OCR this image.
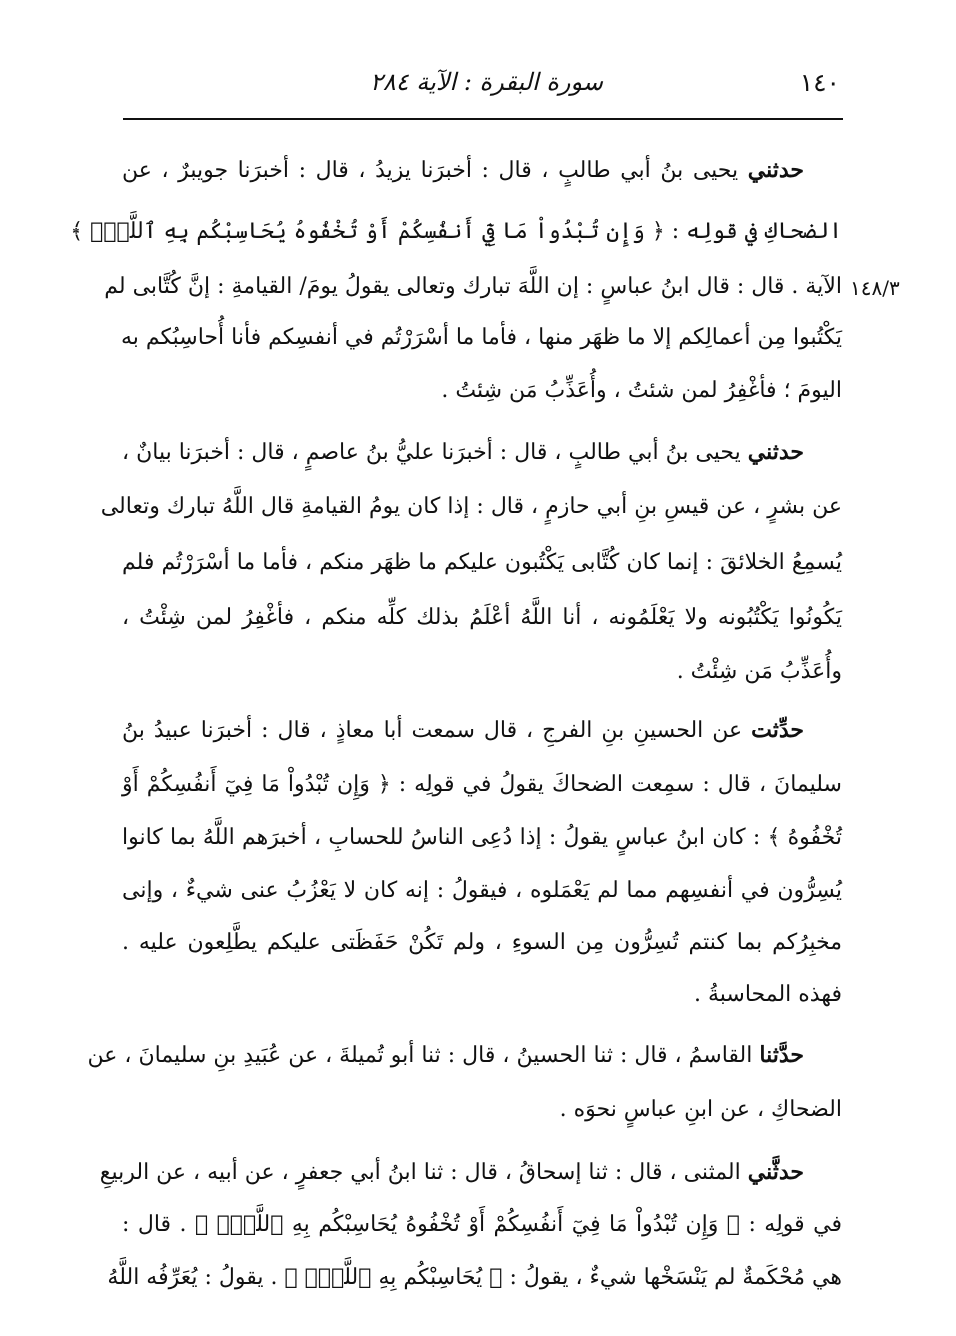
١٤٠
سورة البقرة : الآية ٢٨٤
١٤٨/٣
حدثني يحيى بنُ أبي طالبٍ ، قال : أخبرَنا يزيدُ ، قال : أخبرَنا جويبرٌ ، عن
الضحاكِ في قولِه : ﴿ وَإِن تُبْدُواْ مَا فِيٓ أَنفُسِكُمْ أَوْ تُخْفُوهُ يُحَاسِبْكُم بِهِ ٱللَّهُۖ ﴾
الآية . قال : قال ابنُ عباسٍ : إن اللَّهَ تبارك وتعالى يقولُ يومَ/ القيامةِ : إنَّ كُتَّابى لم
يَكْتُبوا مِن أعمالِكم إلا ما ظهَر منها ، فأما ما أسْرَرْتُم في أنفسِكم فأنا أُحاسِبُكم به
اليومَ ؛ فأغْفِرُ لمن شئتُ ، وأُعَذِّبُ مَن شِئتُ .
حدثني يحيى بنُ أبي طالبٍ ، قال : أخبرَنا عليُّ بنُ عاصمٍ ، قال : أخبرَنا بيانٌ ،
عن بشرٍ ، عن قيسِ بنِ أبي حازمٍ ، قال : إذا كان يومُ القيامةِ قال اللَّهُ تبارك وتعالى
يُسمِعُ الخلائقَ : إنما كان كُتَّابى يَكْتُبون عليكم ما ظهَر منكم ، فأما ما أسْرَرْتُم فلم
يَكُونُوا يَكْتُبُونه ولا يَعْلَمُونه ، أنا اللَّهُ أعْلَمُ بذلك كلِّه منكم ، فأغْفِرُ لمن شِئْتُ ،
وأُعَذِّبُ مَن شِئْتُ .
حدِّثت عن الحسينِ بنِ الفرجِ ، قال سمعت أبا معاذٍ ، قال : أخبرَنا عبيدُ بنُ
سليمانَ ، قال : سمِعت الضحاكَ يقولُ في قولِه : ﴿ وَإِن تُبْدُواْ مَا فِيٓ أَنفُسِكُمْ أَوْ
تُخْفُوهُ ﴾ : كان ابنُ عباسٍ يقولُ : إذا دُعِى الناسُ للحسابِ ، أخبرَهم اللَّهُ بما كانوا
يُسِرُّون في أنفسِهم مما لم يَعْمَلوه ، فيقولُ : إنه كان لا يَعْزُبُ عنى شيءٌ ، وإنى
مخبِرُكم بما كنتم تُسِرُّون مِن السوءِ ، ولم تَكُنْ حَفَظَتى عليكم يطَّلِعون عليه .
فهذه المحاسبةُ .
حدَّثنا القاسمُ ، قال : ثنا الحسينُ ، قال : ثنا أبو تُميلةَ ، عن عُبَيدِ بنِ سليمانَ ، عن
الضحاكِ ، عن ابنِ عباسٍ نحوَه .
حدثَّني المثنى ، قال : ثنا إسحاقُ ، قال : ثنا ابنُ أبي جعفرٍ ، عن أبيه ، عن الربيعِ
في قولِه : ﴿ وَإِن تُبْدُواْ مَا فِيٓ أَنفُسِكُمْ أَوْ تُخْفُوهُ يُحَاسِبْكُم بِهِ ٱللَّهُۖ ﴾ . قال :
هي مُحْكَمةٌ لم يَنْسَخْها شيءٌ ، يقولُ : ﴿ يُحَاسِبْكُم بِهِ ٱللَّهُۖ ﴾ . يقولُ : يُعَرِّفُه اللَّهُ
